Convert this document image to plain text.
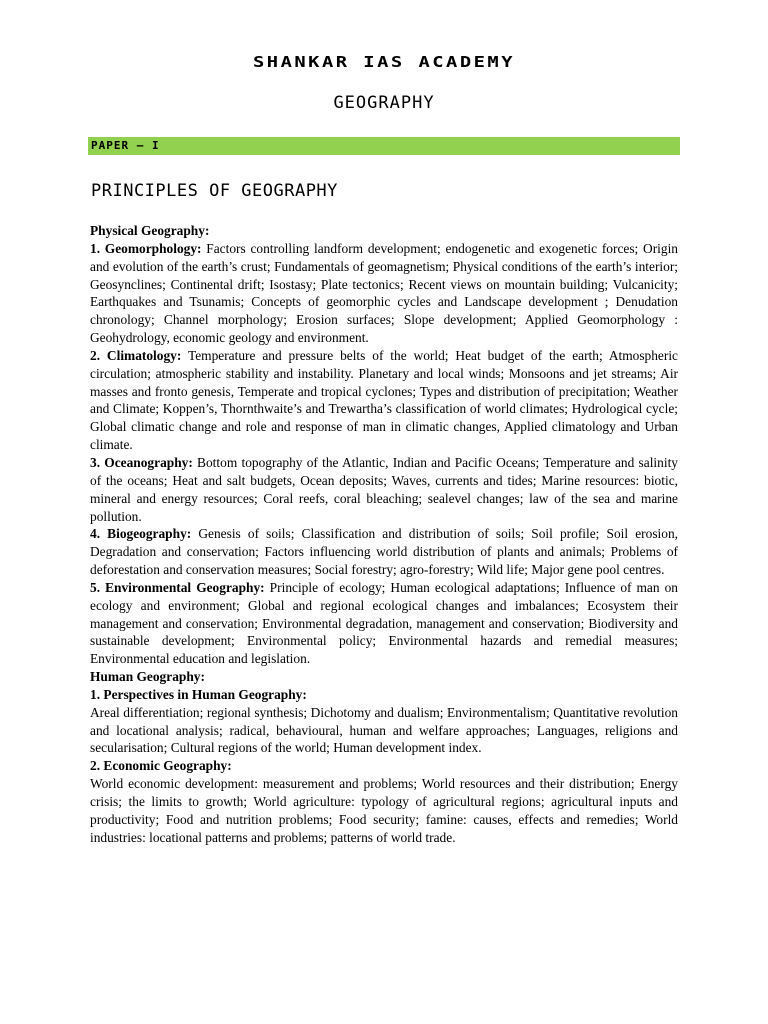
SHANKAR IAS ACADEMY
GEOGRAPHY
PAPER – I
PRINCIPLES OF GEOGRAPHY

Physical Geography:

1. Geomorphology: Factors controlling landform development; endogenetic and exogenetic forces; Origin and evolution of the earth’s crust; Fundamentals of geomagnetism; Physical conditions of the earth’s interior; Geosynclines; Continental drift; Isostasy; Plate tectonics; Recent views on mountain building; Vulcanicity; Earthquakes and Tsunamis; Concepts of geomorphic cycles and Landscape development ; Denudation chronology; Channel morphology; Erosion surfaces; Slope development; Applied Geomorphology : Geohydrology, economic geology and environment.

2. Climatology: Temperature and pressure belts of the world; Heat budget of the earth; Atmospheric circulation; atmospheric stability and instability. Planetary and local winds; Monsoons and jet streams; Air masses and fronto genesis, Temperate and tropical cyclones; Types and distribution of precipitation; Weather and Climate; Koppen’s, Thornthwaite’s and Trewartha’s classification of world climates; Hydrological cycle; Global climatic change and role and response of man in climatic changes, Applied climatology and Urban climate.

3. Oceanography: Bottom topography of the Atlantic, Indian and Pacific Oceans; Temperature and salinity of the oceans; Heat and salt budgets, Ocean deposits; Waves, currents and tides; Marine resources: biotic, mineral and energy resources; Coral reefs, coral bleaching; sealevel changes; law of the sea and marine pollution.

4. Biogeography: Genesis of soils; Classification and distribution of soils; Soil profile; Soil erosion, Degradation and conservation; Factors influencing world distribution of plants and animals; Problems of deforestation and conservation measures; Social forestry; agro-forestry; Wild life; Major gene pool centres.

5. Environmental Geography: Principle of ecology; Human ecological adaptations; Influence of man on ecology and environment; Global and regional ecological changes and imbalances; Ecosystem their management and conservation; Environmental degradation, management and conservation; Biodiversity and sustainable development; Environmental policy; Environmental hazards and remedial measures; Environmental education and legislation.

Human Geography:

1. Perspectives in Human Geography:

Areal differentiation; regional synthesis; Dichotomy and dualism; Environmentalism; Quantitative revolution and locational analysis; radical, behavioural, human and welfare approaches; Languages, religions and secularisation; Cultural regions of the world; Human development index.

2. Economic Geography:

World economic development: measurement and problems; World resources and their distribution; Energy crisis; the limits to growth; World agriculture: typology of agricultural regions; agricultural inputs and productivity; Food and nutrition problems; Food security; famine: causes, effects and remedies; World industries: locational patterns and problems; patterns of world trade.
